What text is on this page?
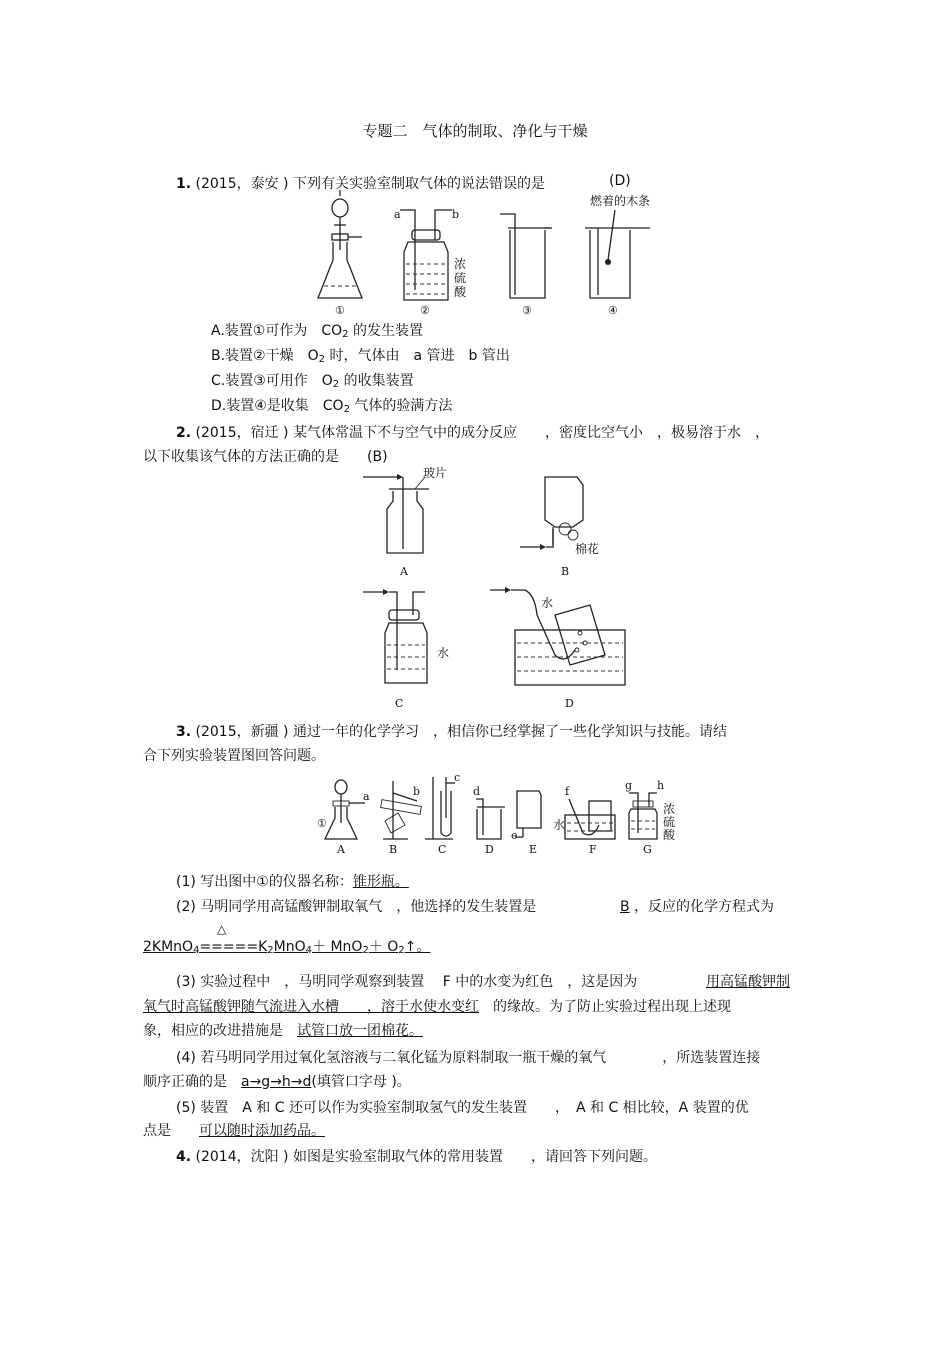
专题二　气体的制取、净化与干燥
1. (2015，泰安 ) 下列有关实验室制取气体的说法错误的是	(D)
a	b
浓
硫
酸
燃着的木条
①	②	③	④
A.装置①可作为　$CO_2$ 的发生装置
B.装置②干燥　$O_2$ 时，气体由　a 管进　b 管出
C.装置③可用作　$O_2$ 的收集装置
D.装置④是收集　$CO_2$ 气体的验满方法
2. (2015，宿迁 ) 某气体常温下不与空气中的成分反应　　，密度比空气小　，极易溶于水　，
以下收集该气体的方法正确的是　　 (B)
玻片
棉花
A	B
水
水
C	D
3. (2015，新疆 ) 通过一年的化学学习　，相信你已经掌握了一些化学知识与技能。请结
合下列实验装置图回答问题。
①
a	b
c
d
e
f
水
g h
浓
硫
酸
A	B	C	D	E	F	G
(1) 写出图中①的仪器名称：锥形瓶。
(2) 马明同学用高锰酸钾制取氧气　，他选择的发生装置是	B ，反应的化学方程式为
△
$2KMnO_4=====K_2MnO_4+ MnO_2+$ $O_2↑$。
(3) 实验过程中　，马明同学观察到装置　 F 中的水变为红色　，这是因为	用高锰酸钾制
氧气时高锰酸钾随气流进入水槽　　，溶于水使水变红　的缘故。为了防止实验过程出现上述现
象，相应的改进措施是　 试管口放一团棉花。
(4) 若马明同学用过氧化氢溶液与二氧化锰为原料制取一瓶干燥的氧气　　　　，所选装置连接
顺序正确的是　 a→g→h→d(填管口字母 )。
(5) 装置　A 和 C 还可以作为实验室制取氢气的发生装置　　，　A 和 C 相比较，A 装置的优
点是　　 可以随时添加药品。
4. (2014，沈阳 ) 如图是实验室制取气体的常用装置　　，请回答下列问题。
